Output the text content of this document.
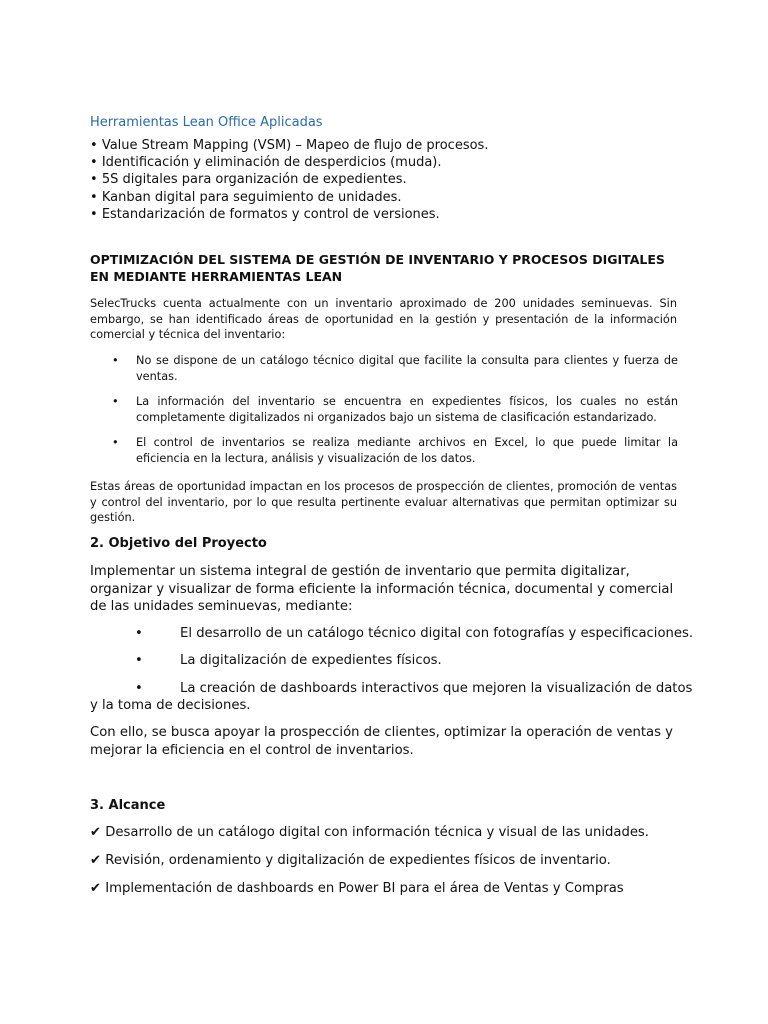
Herramientas Lean Office Aplicadas
• Value Stream Mapping (VSM) – Mapeo de flujo de procesos.
• Identificación y eliminación de desperdicios (muda).
• 5S digitales para organización de expedientes.
• Kanban digital para seguimiento de unidades.
• Estandarización de formatos y control de versiones.
OPTIMIZACIÓN DEL SISTEMA DE GESTIÓN DE INVENTARIO Y PROCESOS DIGITALES EN MEDIANTE HERRAMIENTAS LEAN
SelecTrucks cuenta actualmente con un inventario aproximado de 200 unidades seminuevas. Sin embargo, se han identificado áreas de oportunidad en la gestión y presentación de la información comercial y técnica del inventario:
• No se dispone de un catálogo técnico digital que facilite la consulta para clientes y fuerza de ventas.
• La información del inventario se encuentra en expedientes físicos, los cuales no están completamente digitalizados ni organizados bajo un sistema de clasificación estandarizado.
• El control de inventarios se realiza mediante archivos en Excel, lo que puede limitar la eficiencia en la lectura, análisis y visualización de los datos.
Estas áreas de oportunidad impactan en los procesos de prospección de clientes, promoción de ventas y control del inventario, por lo que resulta pertinente evaluar alternativas que permitan optimizar su gestión.
2. Objetivo del Proyecto
Implementar un sistema integral de gestión de inventario que permita digitalizar, organizar y visualizar de forma eficiente la información técnica, documental y comercial de las unidades seminuevas, mediante:
•	El desarrollo de un catálogo técnico digital con fotografías y especificaciones.
•	La digitalización de expedientes físicos.
•	La creación de dashboards interactivos que mejoren la visualización de datos
y la toma de decisiones.
Con ello, se busca apoyar la prospección de clientes, optimizar la operación de ventas y mejorar la eficiencia en el control de inventarios.
3. Alcance
✔ Desarrollo de un catálogo digital con información técnica y visual de las unidades.
✔ Revisión, ordenamiento y digitalización de expedientes físicos de inventario.
✔ Implementación de dashboards en Power BI para el área de Ventas y Compras
